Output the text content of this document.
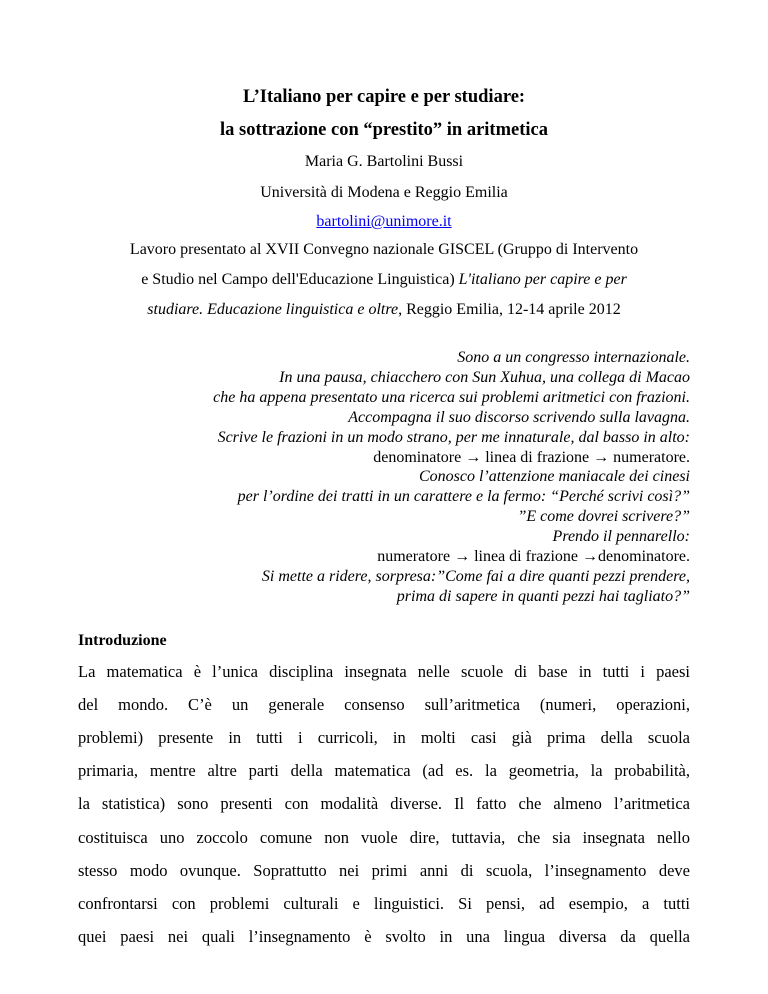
L’Italiano per capire e per studiare:
la sottrazione con “prestito” in aritmetica
Maria G. Bartolini Bussi
Università di Modena e Reggio Emilia
bartolini@unimore.it
Lavoro presentato al XVII Convegno nazionale GISCEL (Gruppo di Intervento
e Studio nel Campo dell'Educazione Linguistica) L'italiano per capire e per
studiare. Educazione linguistica e oltre, Reggio Emilia, 12-14 aprile 2012
Sono a un congresso internazionale.
In una pausa, chiacchero con Sun Xuhua, una collega di Macao
che ha appena presentato una ricerca sui problemi aritmetici con frazioni.
Accompagna il suo discorso scrivendo sulla lavagna.
Scrive le frazioni in un modo strano, per me innaturale, dal basso in alto:
denominatore → linea di frazione → numeratore.
Conosco l’attenzione maniacale dei cinesi
per l’ordine dei tratti in un carattere e la fermo: “Perché scrivi così?”
”E come dovrei scrivere?”
Prendo il pennarello:
numeratore → linea di frazione →denominatore.
Si mette a ridere, sorpresa:”Come fai a dire quanti pezzi prendere,
prima di sapere in quanti pezzi hai tagliato?”
Introduzione
La matematica è l’unica disciplina insegnata nelle scuole di base in tutti i paesi
del mondo. C’è un generale consenso sull’aritmetica (numeri, operazioni,
problemi) presente in tutti i curricoli, in molti casi già prima della scuola
primaria, mentre altre parti della matematica (ad es. la geometria, la probabilità,
la statistica) sono presenti con modalità diverse. Il fatto che almeno l’aritmetica
costituisca uno zoccolo comune non vuole dire, tuttavia, che sia insegnata nello
stesso modo ovunque. Soprattutto nei primi anni di scuola, l’insegnamento deve
confrontarsi con problemi culturali e linguistici. Si pensi, ad esempio, a tutti
quei paesi nei quali l’insegnamento è svolto in una lingua diversa da quella
